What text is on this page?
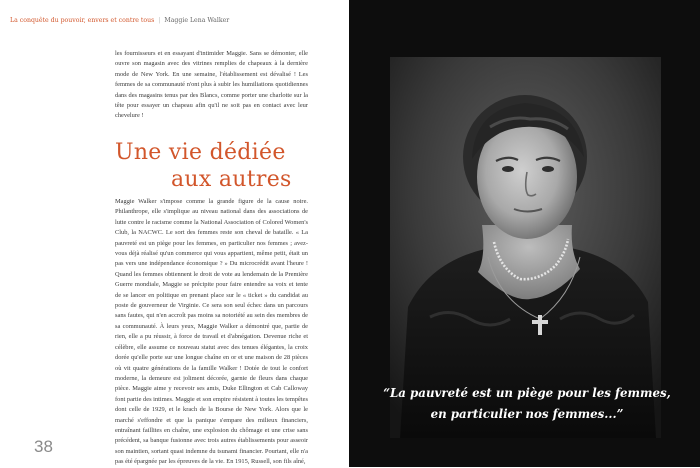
La conquête du pouvoir, envers et contre tous | Maggie Lena Walker

les fournisseurs et en essayant d'intimider Maggie. Sans se démonter, elle ouvre son magasin avec des vitrines remplies de chapeaux à la dernière mode de New York. En une semaine, l'établissement est dévalisé ! Les femmes de sa communauté n'ont plus à subir les humiliations quotidiennes dans des magasins tenus par des Blancs, comme porter une charlotte sur la tête pour essayer un chapeau afin qu'il ne soit pas en contact avec leur chevelure !

Une vie dédiée
aux autres

Maggie Walker s'impose comme la grande figure de la cause noire. Philanthrope, elle s'implique au niveau national dans des associations de lutte contre le racisme comme la National Association of Colored Women's Club, la NACWC. Le sort des femmes reste son cheval de bataille. « La pauvreté est un piège pour les femmes, en particulier nos femmes ; avez-vous déjà réalisé qu'un commerce qui vous appartient, même petit, était un pas vers une indépendance économique ? » Du microcrédit avant l'heure ! Quand les femmes obtiennent le droit de vote au lendemain de la Première Guerre mondiale, Maggie se précipite pour faire entendre sa voix et tente de se lancer en politique en prenant place sur le « ticket » du candidat au poste de gouverneur de Virginie. Ce sera son seul échec dans un parcours sans fautes, qui n'en accroît pas moins sa notoriété au sein des membres de sa communauté. À leurs yeux, Maggie Walker a démontré que, partie de rien, elle a pu réussir, à force de travail et d'abnégation. Devenue riche et célèbre, elle assume ce nouveau statut avec des tenues élégantes, la croix dorée qu'elle porte sur une longue chaîne en or et une maison de 28 pièces où vit quatre générations de la famille Walker ! Dotée de tout le confort moderne, la demeure est joliment décorée, garnie de fleurs dans chaque pièce. Maggie aime y recevoir ses amis, Duke Ellington et Cab Calloway font partie des intimes. Maggie et son empire résistent à toutes les tempêtes dont celle de 1929, et le krach de la Bourse de New York. Alors que le marché s'effondre et que la panique s'empare des milieux financiers, entraînant faillites en chaîne, une explosion du chômage et une crise sans précédent, sa banque fusionne avec trois autres établissements pour asseoir son maintien, sortant quasi indemne du tsunami financier. Pourtant, elle n'a pas été épargnée par les épreuves de la vie. En 1915, Russell, son fils aîné,

38

“La pauvreté est un piège pour les femmes,
en particulier nos femmes...”
